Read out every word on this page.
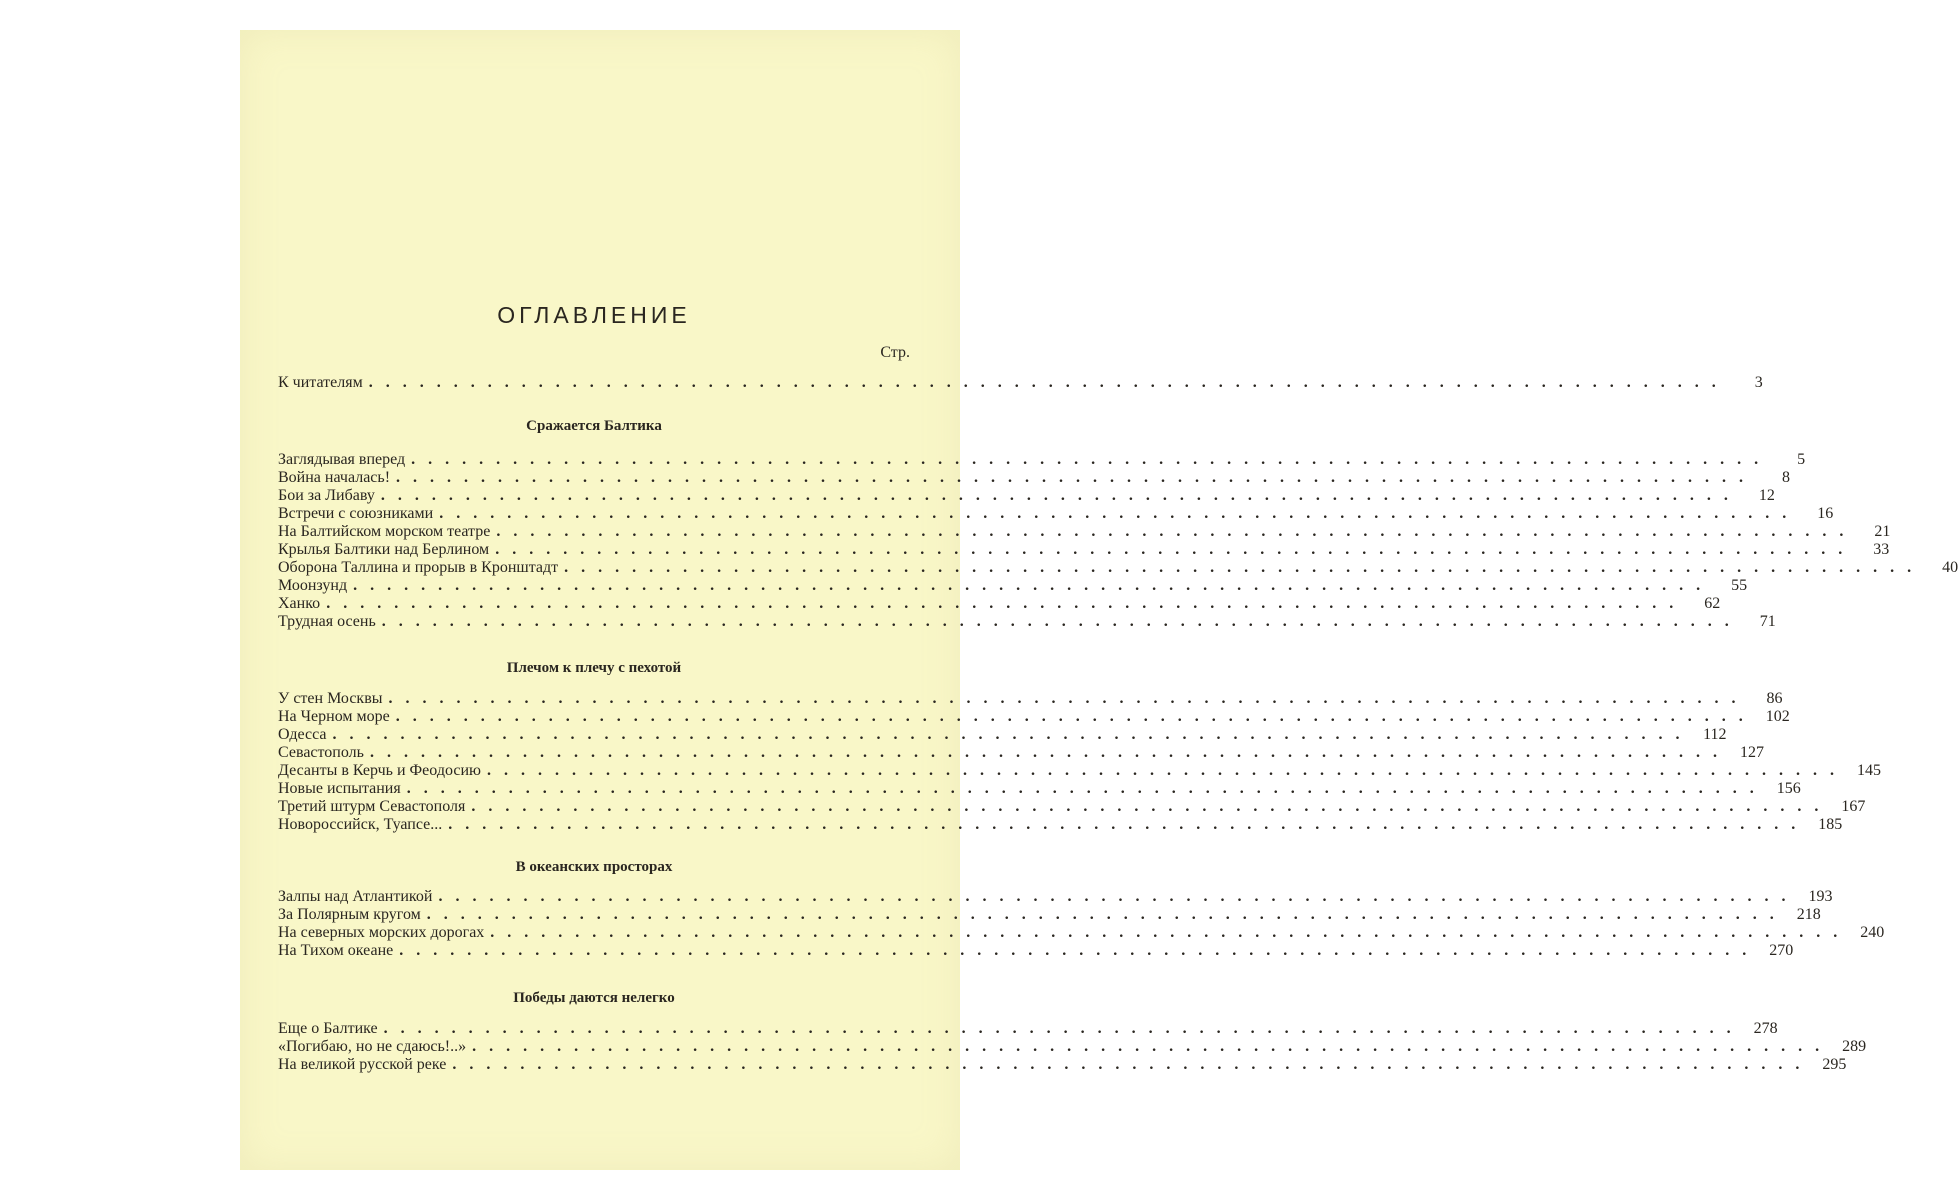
ОГЛАВЛЕНИЕ
Стр.
К читателям ................................................................................	3
Сражается Балтика
Заглядывая вперед ................................................................................	5
Война началась! ................................................................................	8
Бои за Либаву ................................................................................	12
Встречи с союзниками ................................................................................	16
На Балтийском морском театре ................................................................................	21
Крылья Балтики над Берлином ................................................................................	33
Оборона Таллина и прорыв в Кронштадт ................................................................................	40
Моонзунд ................................................................................	55
Ханко ................................................................................	62
Трудная осень ................................................................................	71
Плечом к плечу с пехотой
У стен Москвы ................................................................................	86
На Черном море ................................................................................ 102
Одесса ................................................................................ 112
Севастополь ................................................................................ 127
Десанты в Керчь и Феодосию ................................................................................ 145
Новые испытания ................................................................................ 156
Третий штурм Севастополя ................................................................................ 167
Новороссийск, Туапсе... ................................................................................ 185
В океанских просторах
Залпы над Атлантикой ................................................................................ 193
За Полярным кругом ................................................................................ 218
На северных морских дорогах ................................................................................ 240
На Тихом океане ................................................................................ 270
Победы даются нелегко
Еще о Балтике ................................................................................ 278
«Погибаю, но не сдаюсь!..» ................................................................................ 289
На великой русской реке ................................................................................ 295
